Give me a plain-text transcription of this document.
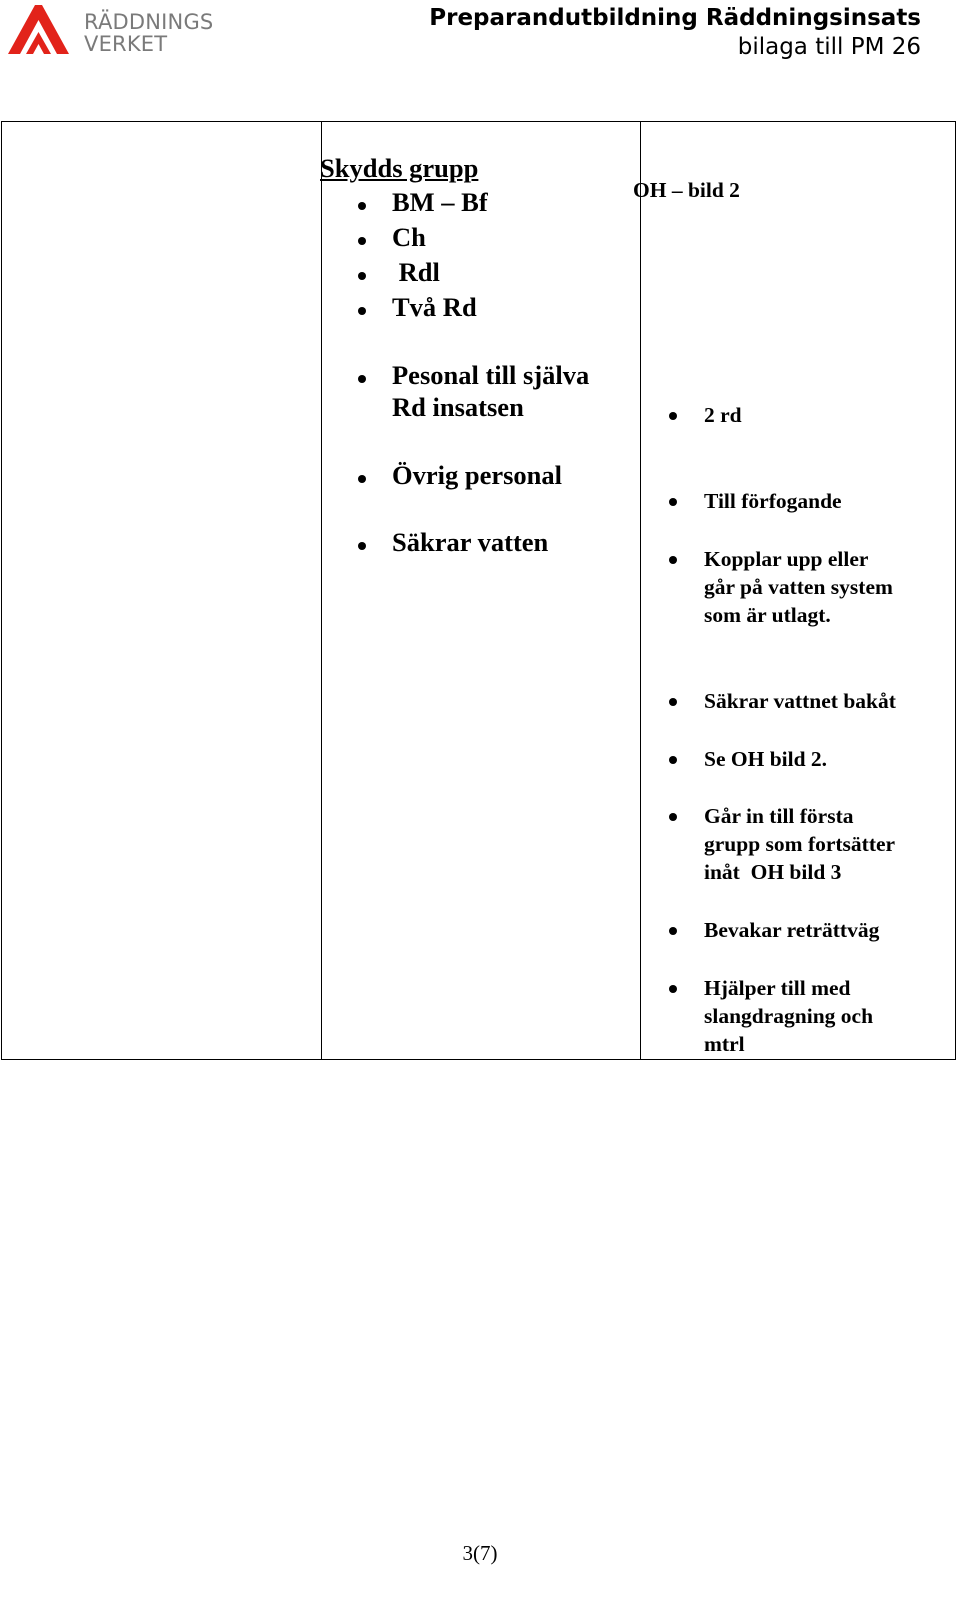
RÄDDNINGS
VERKET
Preparandutbildning Räddningsinsats
bilaga till PM 26
Skydds grupp
OH – bild 2
BM – Bf
Ch
Rdl
Två Rd
Pesonal till själva
Rd insatsen
Övrig personal
Säkrar vatten
2 rd
Till förfogande
Kopplar upp eller
går på vatten system
som är utlagt.
Säkrar vattnet bakåt
Se OH bild 2.
Går in till första
grupp som fortsätter
inåt  OH bild 3
Bevakar reträttväg
Hjälper till med
slangdragning och
mtrl
3(7)
